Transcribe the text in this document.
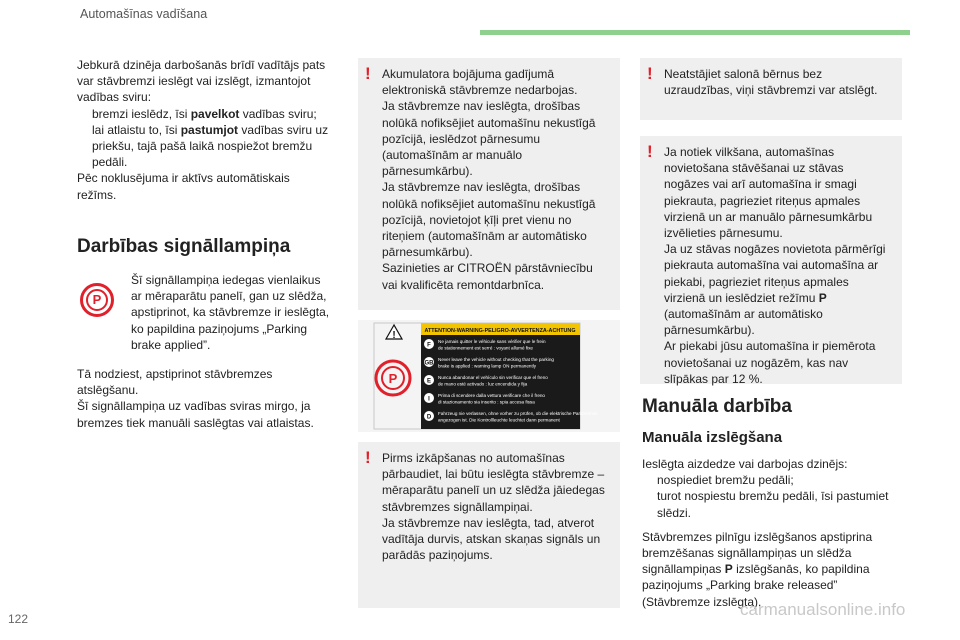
Automašīnas vadīšana

Jebkurā dzinēja darbošanās brīdī vadītājs pats var stāvbremzi ieslēgt vai izslēgt, izmantojot vadības sviru:

bremzi ieslēdz, īsi pavelkot vadības sviru;

lai atlaistu to, īsi pastumjot vadības sviru uz priekšu, tajā pašā laikā nospiežot bremžu pedāli.

Pēc noklusējuma ir aktīvs automātiskais režīms.

Darbības signāllampiņa
P

Šī signāllampiņa iedegas vienlaikus ar mēraparātu panelī, gan uz slēdža, apstiprinot, ka stāvbremze ir ieslēgta, ko papildina paziņojums „Parking brake applied”.

Tā nodziest, apstiprinot stāvbremzes atslēgšanu.

Šī signāllampiņa uz vadības sviras mirgo, ja bremzes tiek manuāli saslēgtas vai atlaistas.

! Akumulatora bojājuma gadījumā elektroniskā stāvbremze nedarbojas.
Ja stāvbremze nav ieslēgta, drošības nolūkā nofiksējiet automašīnu nekustīgā pozīcijā, ieslēdzot pārnesumu (automašīnām ar manuālo pārnesumkārbu).
Ja stāvbremze nav ieslēgta, drošības nolūkā nofiksējiet automašīnu nekustīgā pozīcijā, novietojot ķīļi pret vienu no riteņiem (automašīnām ar automātisko pārnesumkārbu).
Sazinieties ar CITROËN pārstāvniecību vai kvalificēta remontdarbnīca.

P
ATTENTION-WARNING-PELIGRO-AVVERTENZA-ACHTUNG
!
F
Ne jamais quitter le véhicule sans vérifier que le frein
de stationnement est serré : voyant allumé fixe
GB
Never leave the vehicle without checking that the parking
brake is applied : warning lamp ON permanently
E
Nunca abandonar el vehículo sin verificar que el freno
de mano esté activado : luz encendida y fija
I
Prima di scendere dalla vettura verificare che il freno
di stazionamento sia inserito : spia accesa fissa
D
Fahrzeug nie verlassen, ohne vorher zu prüfen, ob die elektrische Parkbremse
angezogen ist. Die Kontrollleuchte leuchtet dann permanent
! Pirms izkāpšanas no automašīnas pārbaudiet, lai būtu ieslēgta stāvbremze – mēraparātu panelī un uz slēdža jāiedegas stāvbremzes signāllampiņai.
Ja stāvbremze nav ieslēgta, tad, atverot vadītāja durvis, atskan skaņas signāls un parādās paziņojums.

! Neatstājiet salonā bērnus bez uzraudzības, viņi stāvbremzi var atslēgt.

! Ja notiek vilkšana, automašīnas novietošana stāvēšanai uz stāvas nogāzes vai arī automašīna ir smagi piekrauta, pagrieziet riteņus apmales virzienā un ar manuālo pārnesumkārbu izvēlieties pārnesumu.
Ja uz stāvas nogāzes novietota pārmērīgi piekrauta automašīna vai automašīna ar piekabi, pagrieziet riteņus apmales virzienā un ieslēdziet režīmu P (automašīnām ar automātisko pārnesumkārbu).
Ar piekabi jūsu automašīna ir piemērota novietošanai uz nogāzēm, kas nav slīpākas par 12 %.

Manuāla darbība
Manuāla izslēgšana

Ieslēgta aizdedze vai darbojas dzinējs:

nospiediet bremžu pedāli;

turot nospiestu bremžu pedāli, īsi pastumiet slēdzi.

Stāvbremzes pilnīgu izslēgšanos apstiprina bremzēšanas signāllampiņas un slēdža signāllampiņas P izslēgšanās, ko papildina paziņojums „Parking brake released” (Stāvbremze izslēgta).

122	carmanualsonline.info
